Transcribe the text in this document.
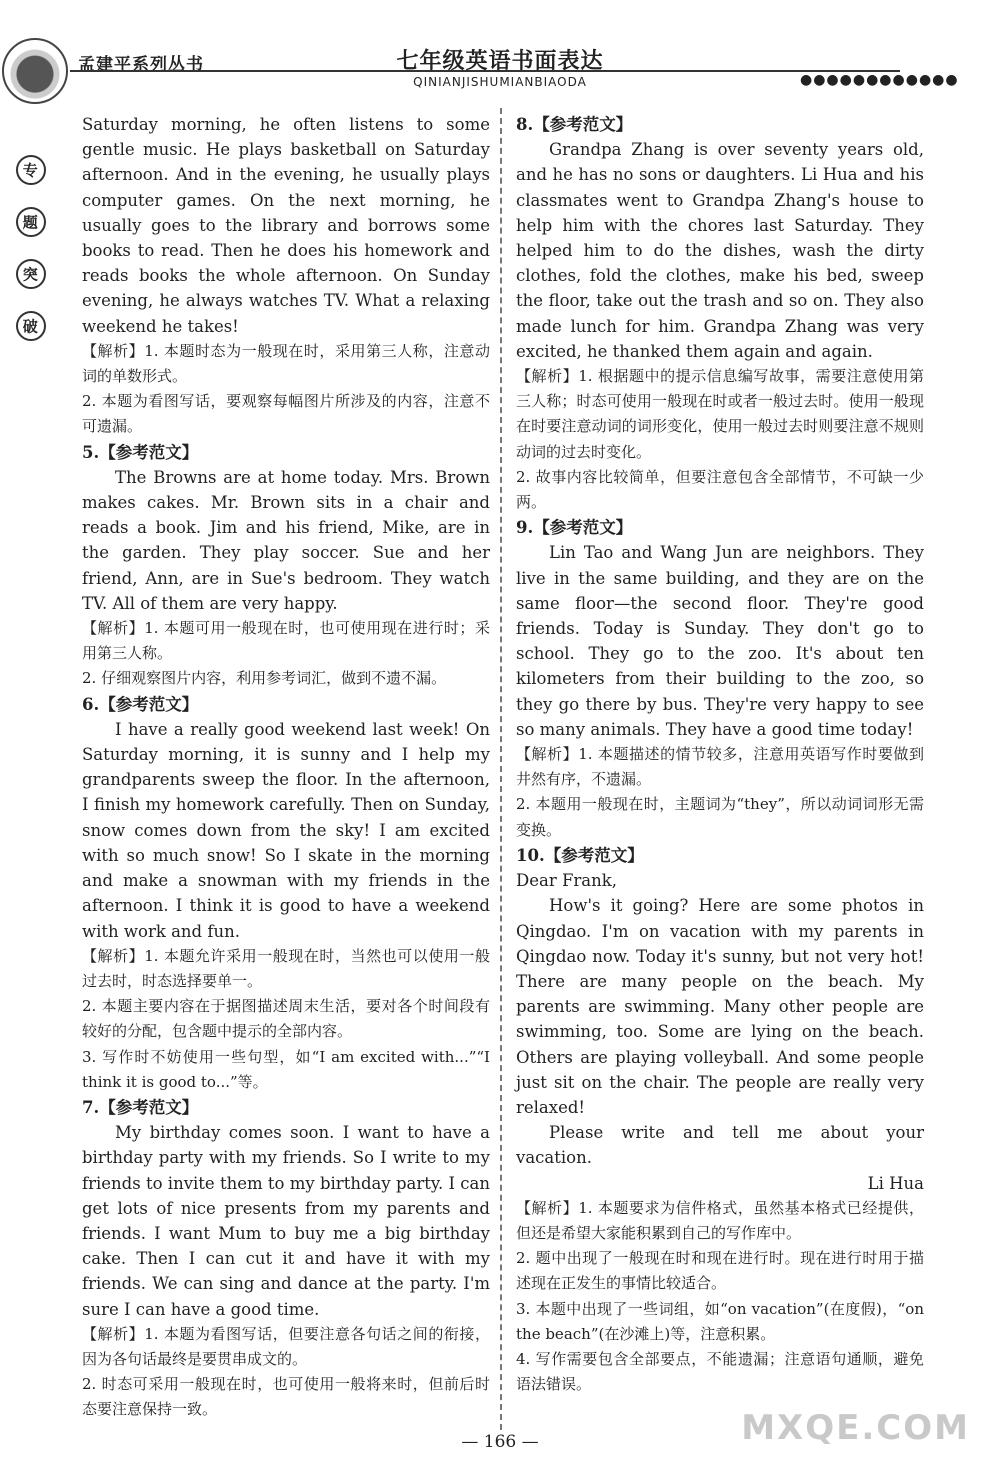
孟建平系列丛书	七年级英语书面表达
QINIANJISHUMIANBIAODA	●●●●●●●●●●●●
专
题
突
破

Saturday morning, he often listens to some gentle music. He plays basketball on Saturday afternoon. And in the evening, he usually plays computer games. On the next morning, he usually goes to the library and borrows some books to read. Then he does his homework and reads books the whole afternoon. On Sunday evening, he always watches TV. What a relaxing weekend he takes!

【解析】1. 本题时态为一般现在时，采用第三人称，注意动词的单数形式。

2. 本题为看图写话，要观察每幅图片所涉及的内容，注意不可遗漏。

5.【参考范文】

The Browns are at home today. Mrs. Brown makes cakes. Mr. Brown sits in a chair and reads a book. Jim and his friend, Mike, are in the garden. They play soccer. Sue and her friend, Ann, are in Sue's bedroom. They watch TV. All of them are very happy.

【解析】1. 本题可用一般现在时，也可使用现在进行时；采用第三人称。

2. 仔细观察图片内容，利用参考词汇，做到不遗不漏。

6.【参考范文】

I have a really good weekend last week! On Saturday morning, it is sunny and I help my grandparents sweep the floor. In the afternoon, I finish my homework carefully. Then on Sunday, snow comes down from the sky! I am excited with so much snow! So I skate in the morning and make a snowman with my friends in the afternoon. I think it is good to have a weekend with work and fun.

【解析】1. 本题允许采用一般现在时，当然也可以使用一般过去时，时态选择要单一。

2. 本题主要内容在于据图描述周末生活，要对各个时间段有较好的分配，包含题中提示的全部内容。

3. 写作时不妨使用一些句型，如“I am excited with...”“I think it is good to...”等。

7.【参考范文】

My birthday comes soon. I want to have a birthday party with my friends. So I write to my friends to invite them to my birthday party. I can get lots of nice presents from my parents and friends. I want Mum to buy me a big birthday cake. Then I can cut it and have it with my friends. We can sing and dance at the party. I'm sure I can have a good time.

【解析】1. 本题为看图写话，但要注意各句话之间的衔接，因为各句话最终是要贯串成文的。

2. 时态可采用一般现在时，也可使用一般将来时，但前后时态要注意保持一致。

8.【参考范文】

Grandpa Zhang is over seventy years old, and he has no sons or daughters. Li Hua and his classmates went to Grandpa Zhang's house to help him with the chores last Saturday. They helped him to do the dishes, wash the dirty clothes, fold the clothes, make his bed, sweep the floor, take out the trash and so on. They also made lunch for him. Grandpa Zhang was very excited, he thanked them again and again.

【解析】1. 根据题中的提示信息编写故事，需要注意使用第三人称；时态可使用一般现在时或者一般过去时。使用一般现在时要注意动词的词形变化，使用一般过去时则要注意不规则动词的过去时变化。

2. 故事内容比较简单，但要注意包含全部情节，不可缺一少两。

9.【参考范文】

Lin Tao and Wang Jun are neighbors. They live in the same building, and they are on the same floor—the second floor. They're good friends. Today is Sunday. They don't go to school. They go to the zoo. It's about ten kilometers from their building to the zoo, so they go there by bus. They're very happy to see so many animals. They have a good time today!

【解析】1. 本题描述的情节较多，注意用英语写作时要做到井然有序，不遗漏。

2. 本题用一般现在时，主题词为“they”，所以动词词形无需变换。

10.【参考范文】

Dear Frank,

How's it going? Here are some photos in Qingdao. I'm on vacation with my parents in Qingdao now. Today it's sunny, but not very hot! There are many people on the beach. My parents are swimming. Many other people are swimming, too. Some are lying on the beach. Others are playing volleyball. And some people just sit on the chair. The people are really very relaxed!

Please write and tell me about your vacation.

Li Hua

【解析】1. 本题要求为信件格式，虽然基本格式已经提供，但还是希望大家能积累到自己的写作库中。

2. 题中出现了一般现在时和现在进行时。现在进行时用于描述现在正发生的事情比较适合。

3. 本题中出现了一些词组，如“on vacation”(在度假)，“on the beach”(在沙滩上)等，注意积累。

4. 写作需要包含全部要点，不能遗漏；注意语句通顺，避免语法错误。

— 166 —	MXQE.COM
